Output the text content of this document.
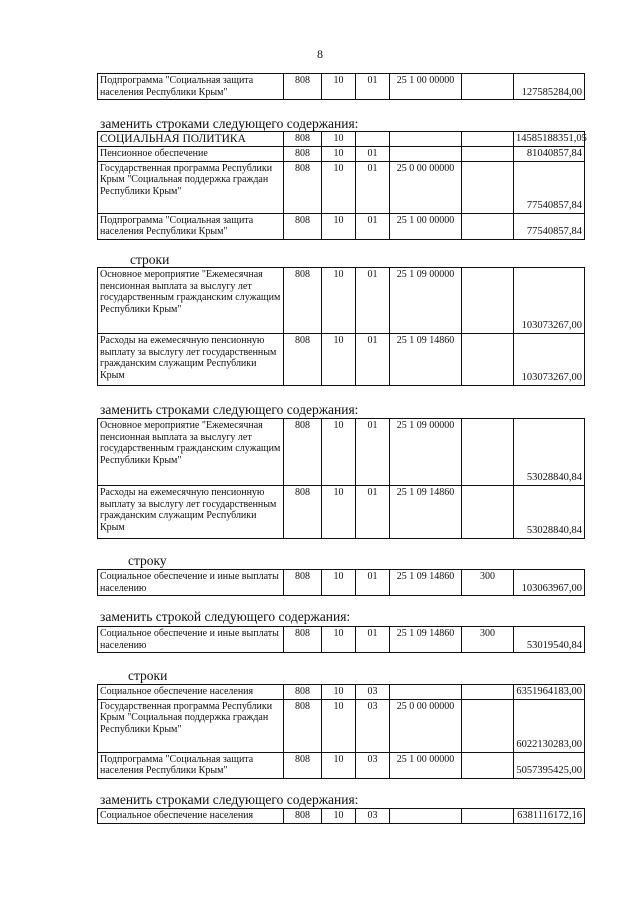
8
Подпрограмма "Социальная защита населения Республики Крым"	808	10	01	25 1 00 00000		127585284,00
заменить строками следующего содержания:
СОЦИАЛЬНАЯ ПОЛИТИКА	808	10				14585188351,05
Пенсионное обеспечение	808	10	01			81040857,84
Государственная программа Республики Крым "Социальная поддержка граждан Республики Крым"	808	10	01	25 0 00 00000		77540857,84
Подпрограмма "Социальная защита населения Республики Крым"	808	10	01	25 1 00 00000		77540857,84
строки
Основное мероприятие "Ежемесячная пенсионная выплата за выслугу лет государственным гражданским служащим Республики Крым"	808	10	01	25 1 09 00000		103073267,00
Расходы на ежемесячную пенсионную выплату за выслугу лет государственным гражданским служащим Республики Крым	808	10	01	25 1 09 14860		103073267,00
заменить строками следующего содержания:
Основное мероприятие "Ежемесячная пенсионная выплата за выслугу лет государственным гражданским служащим Республики Крым"	808	10	01	25 1 09 00000		53028840,84
Расходы на ежемесячную пенсионную выплату за выслугу лет государственным гражданским служащим Республики Крым	808	10	01	25 1 09 14860		53028840,84
строку
Социальное обеспечение и иные выплаты населению	808	10	01	25 1 09 14860	300	103063967,00
заменить строкой следующего содержания:
Социальное обеспечение и иные выплаты населению	808	10	01	25 1 09 14860	300	53019540,84
строки
Социальное обеспечение населения	808	10	03			6351964183,00
Государственная программа Республики Крым "Социальная поддержка граждан Республики Крым"	808	10	03	25 0 00 00000		6022130283,00
Подпрограмма "Социальная защита населения Республики Крым"	808	10	03	25 1 00 00000		5057395425,00
заменить строками следующего содержания:
Социальное обеспечение населения	808	10	03			6381116172,16
